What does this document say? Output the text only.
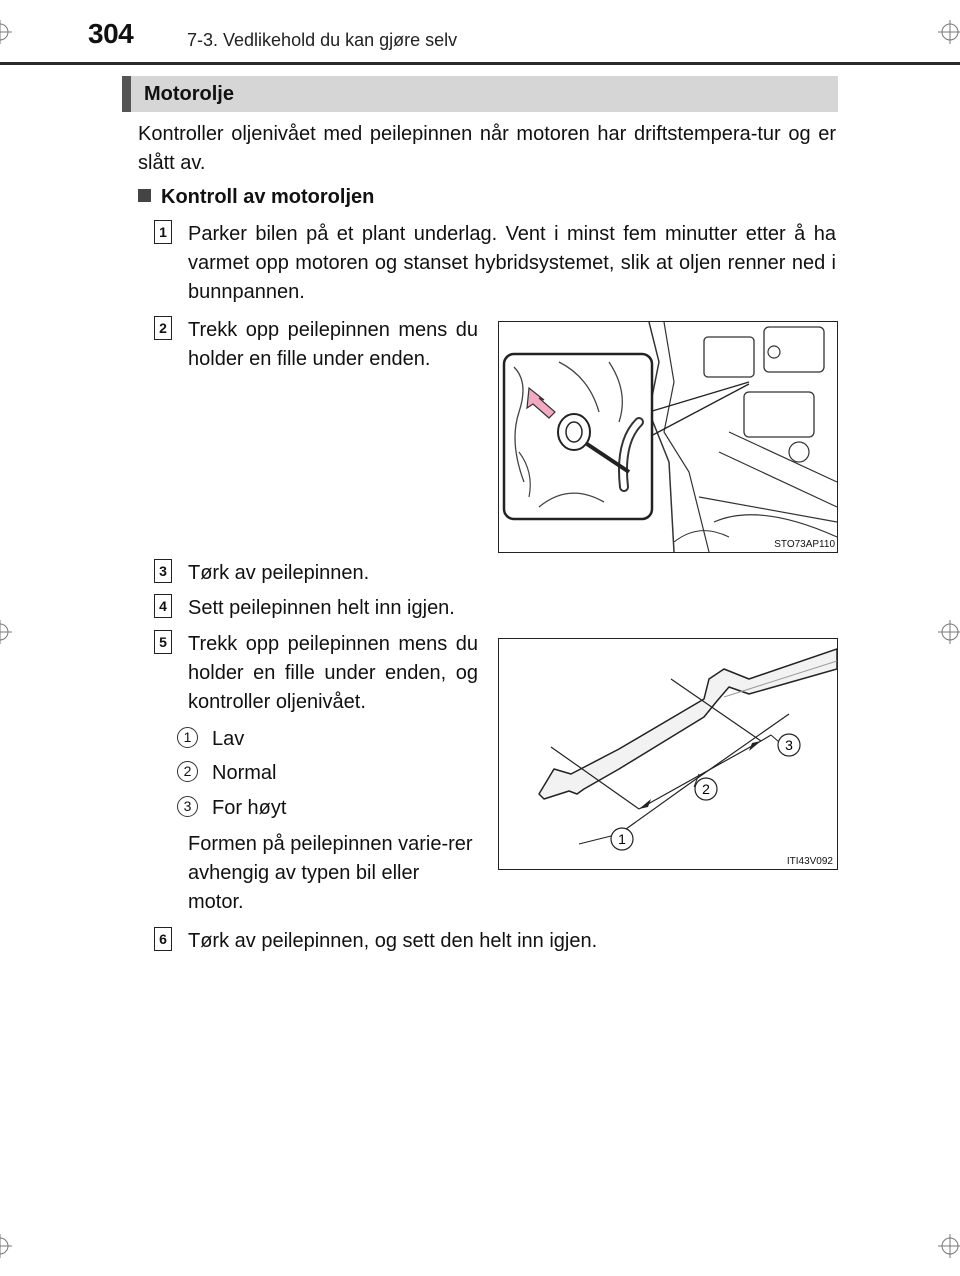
304	7-3. Vedlikehold du kan gjøre selv
Motorolje
Kontroller oljenivået med peilepinnen når motoren har driftstempera-tur og er slått av.
Kontroll av motoroljen
1 Parker bilen på et plant underlag. Vent i minst fem minutter etter å ha varmet opp motoren og stanset hybridsystemet, slik at oljen renner ned i bunnpannen.
2 Trekk opp peilepinnen mens du holder en fille under enden.
STO73AP110
3 Tørk av peilepinnen.
4 Sett peilepinnen helt inn igjen.
5 Trekk opp peilepinnen mens du holder en fille under enden, og kontroller oljenivået.
1	Lav
2	Normal
3	For høyt
Formen på peilepinnen varie-rer avhengig av typen bil eller motor.
3
2
1
ITI43V092
6 Tørk av peilepinnen, og sett den helt inn igjen.
